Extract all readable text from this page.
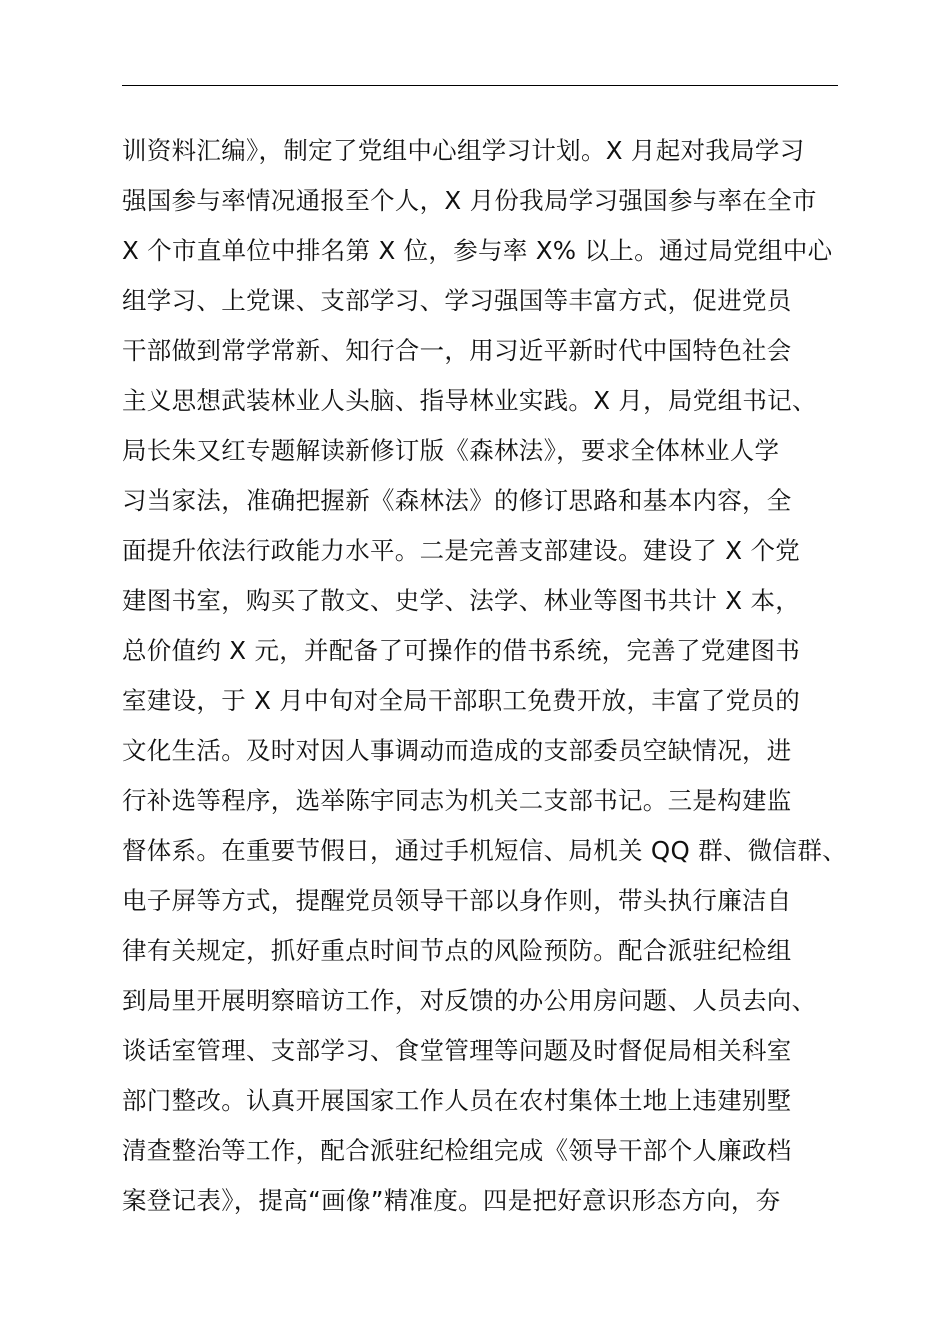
训资料汇编》，制定了党组中心组学习计划。X 月起对我局学习
强国参与率情况通报至个人，X 月份我局学习强国参与率在全市
X 个市直单位中排名第 X 位，参与率 X% 以上。通过局党组中心
组学习、上党课、支部学习、学习强国等丰富方式，促进党员
干部做到常学常新、知行合一，用习近平新时代中国特色社会
主义思想武装林业人头脑、指导林业实践。X 月，局党组书记、
局长朱又红专题解读新修订版《森林法》，要求全体林业人学
习当家法，准确把握新《森林法》的修订思路和基本内容，全
面提升依法行政能力水平。二是完善支部建设。建设了 X 个党
建图书室，购买了散文、史学、法学、林业等图书共计 X 本，
总价值约 X 元，并配备了可操作的借书系统，完善了党建图书
室建设，于 X 月中旬对全局干部职工免费开放，丰富了党员的
文化生活。及时对因人事调动而造成的支部委员空缺情况，进
行补选等程序，选举陈宇同志为机关二支部书记。三是构建监
督体系。在重要节假日，通过手机短信、局机关 QQ 群、微信群、
电子屏等方式，提醒党员领导干部以身作则，带头执行廉洁自
律有关规定，抓好重点时间节点的风险预防。配合派驻纪检组
到局里开展明察暗访工作，对反馈的办公用房问题、人员去向、
谈话室管理、支部学习、食堂管理等问题及时督促局相关科室
部门整改。认真开展国家工作人员在农村集体土地上违建别墅
清查整治等工作，配合派驻纪检组完成《领导干部个人廉政档
案登记表》，提高“画像”精准度。四是把好意识形态方向，夯
